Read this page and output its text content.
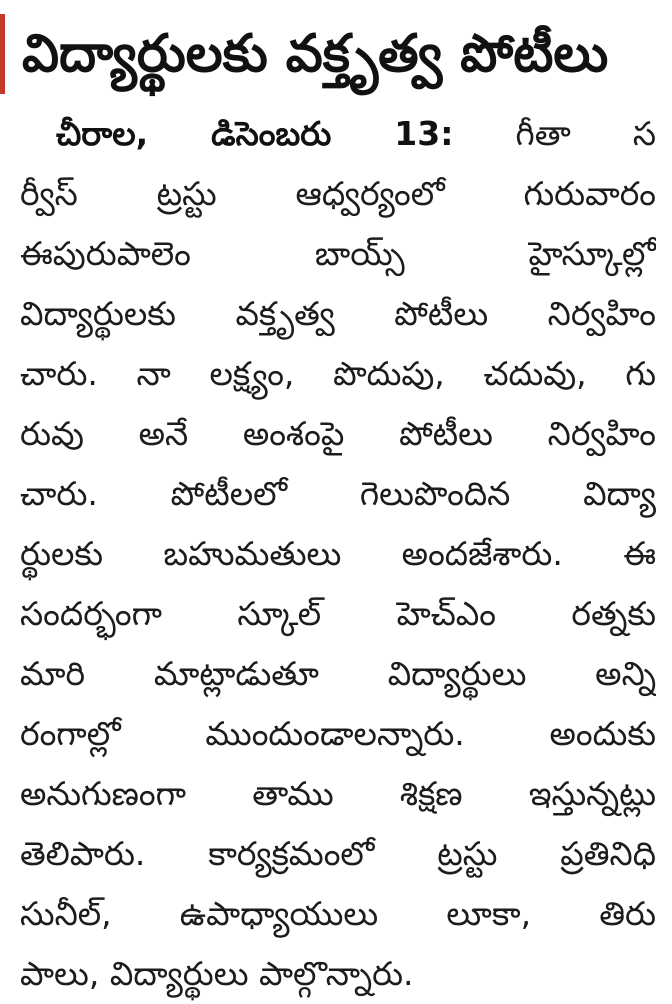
విద్యార్థులకు వక్తృత్వ పోటీలు
చీరాల, డిసెంబరు 13: గీతా స
ర్వీస్ ట్రస్టు ఆధ్వర్యంలో గురువారం
ఈపురుపాలెం బాయ్స్ హైస్కూల్లో
విద్యార్థులకు వక్తృత్వ పోటీలు నిర్వహిం
చారు. నా లక్ష్యం, పొదుపు, చదువు, గు
రువు అనే అంశంపై పోటీలు నిర్వహిం
చారు. పోటీలలో గెలుపొందిన విద్యా
ర్థులకు బహుమతులు అందజేశారు. ఈ
సందర్భంగా స్కూల్ హెచ్ఎం రత్నకు
మారి మాట్లాడుతూ విద్యార్థులు అన్ని
రంగాల్లో ముందుండాలన్నారు. అందుకు
అనుగుణంగా తాము శిక్షణ ఇస్తున్నట్లు
తెలిపారు. కార్యక్రమంలో ట్రస్టు ప్రతినిధి
సునీల్, ఉపాధ్యాయులు లూకా, తిరు
పాలు, విద్యార్థులు పాల్గొన్నారు.
